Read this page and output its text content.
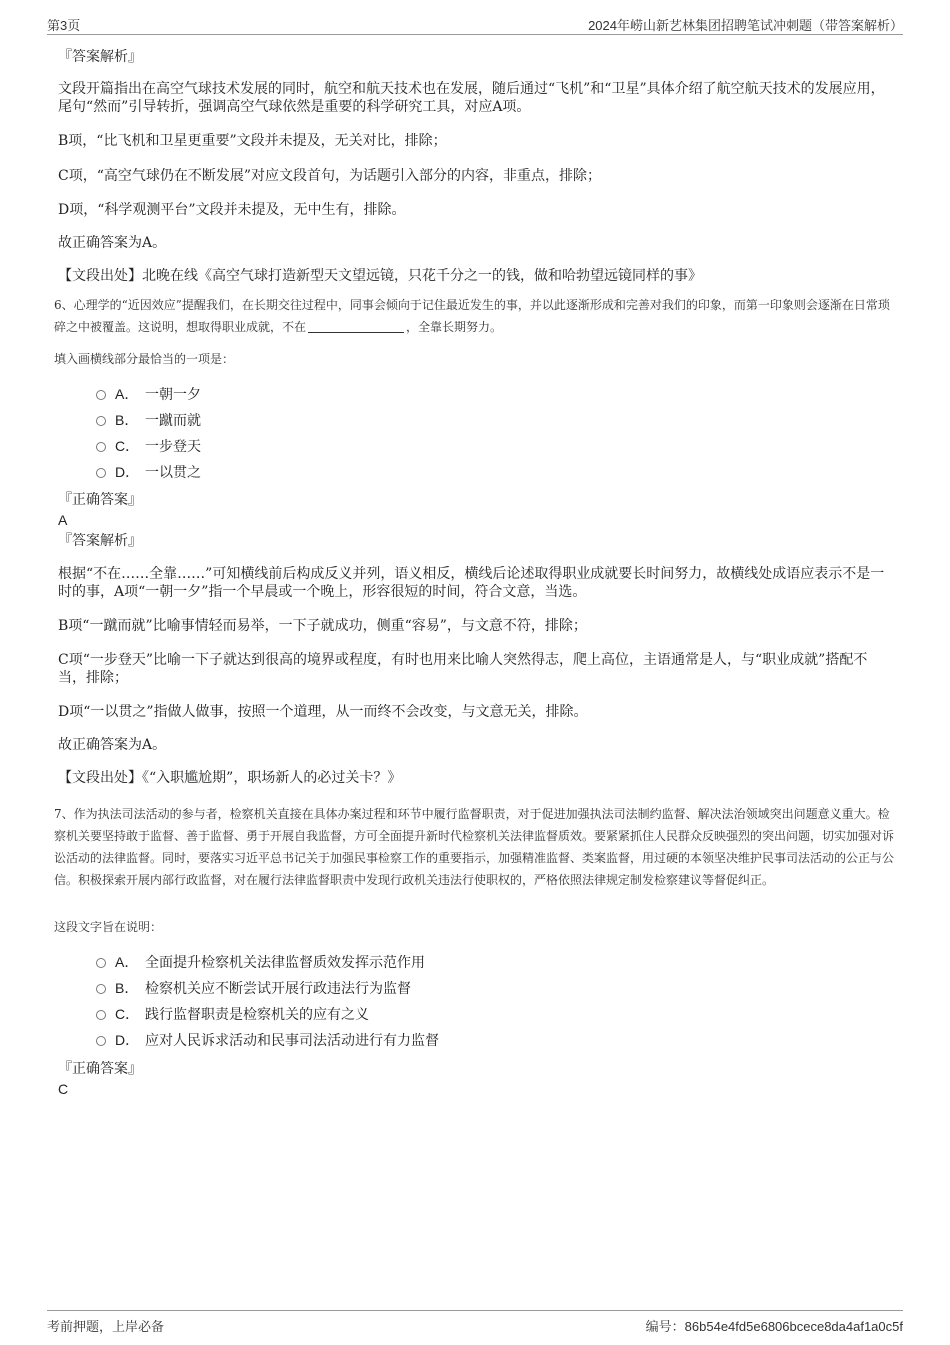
第3页	2024年崂山新艺林集团招聘笔试冲刺题（带答案解析）
『答案解析』
文段开篇指出在高空气球技术发展的同时，航空和航天技术也在发展，随后通过“飞机”和“卫星”具体介绍了航空航天技术的发展应用，尾句“然而”引导转折，强调高空气球依然是重要的科学研究工具，对应A项。
B项，“比飞机和卫星更重要”文段并未提及，无关对比，排除；
C项，“高空气球仍在不断发展”对应文段首句，为话题引入部分的内容，非重点，排除；
D项，“科学观测平台”文段并未提及，无中生有，排除。
故正确答案为A。
【文段出处】北晚在线《高空气球打造新型天文望远镜，只花千分之一的钱，做和哈勃望远镜同样的事》
6、心理学的“近因效应”提醒我们，在长期交往过程中，同事会倾向于记住最近发生的事，并以此逐渐形成和完善对我们的印象，而第一印象则会逐渐在日常琐碎之中被覆盖。这说明，想取得职业成就，不在	，全靠长期努力。
填入画横线部分最恰当的一项是：
A． 一朝一夕
B． 一蹴而就
C． 一步登天
D． 一以贯之
『正确答案』
A
『答案解析』
根据“不在……全靠……”可知横线前后构成反义并列，语义相反，横线后论述取得职业成就要长时间努力，故横线处成语应表示不是一时的事，A项“一朝一夕”指一个早晨或一个晚上，形容很短的时间，符合文意，当选。
B项“一蹴而就”比喻事情轻而易举，一下子就成功，侧重“容易”，与文意不符，排除；
C项“一步登天”比喻一下子就达到很高的境界或程度，有时也用来比喻人突然得志，爬上高位，主语通常是人，与“职业成就”搭配不当，排除；
D项“一以贯之”指做人做事，按照一个道理，从一而终不会改变，与文意无关，排除。
故正确答案为A。
【文段出处】《“入职尴尬期”，职场新人的必过关卡？》
7、作为执法司法活动的参与者，检察机关直接在具体办案过程和环节中履行监督职责，对于促进加强执法司法制约监督、解决法治领域突出问题意义重大。检察机关要坚持敢于监督、善于监督、勇于开展自我监督，方可全面提升新时代检察机关法律监督质效。要紧紧抓住人民群众反映强烈的突出问题，切实加强对诉讼活动的法律监督。同时，要落实习近平总书记关于加强民事检察工作的重要指示，加强精准监督、类案监督，用过硬的本领坚决维护民事司法活动的公正与公信。积极探索开展内部行政监督，对在履行法律监督职责中发现行政机关违法行使职权的，严格依照法律规定制发检察建议等督促纠正。
这段文字旨在说明：
A． 全面提升检察机关法律监督质效发挥示范作用
B． 检察机关应不断尝试开展行政违法行为监督
C． 践行监督职责是检察机关的应有之义
D． 应对人民诉求活动和民事司法活动进行有力监督
『正确答案』
C
考前押题，上岸必备	编号：86b54e4fd5e6806bcece8da4af1a0c5f
